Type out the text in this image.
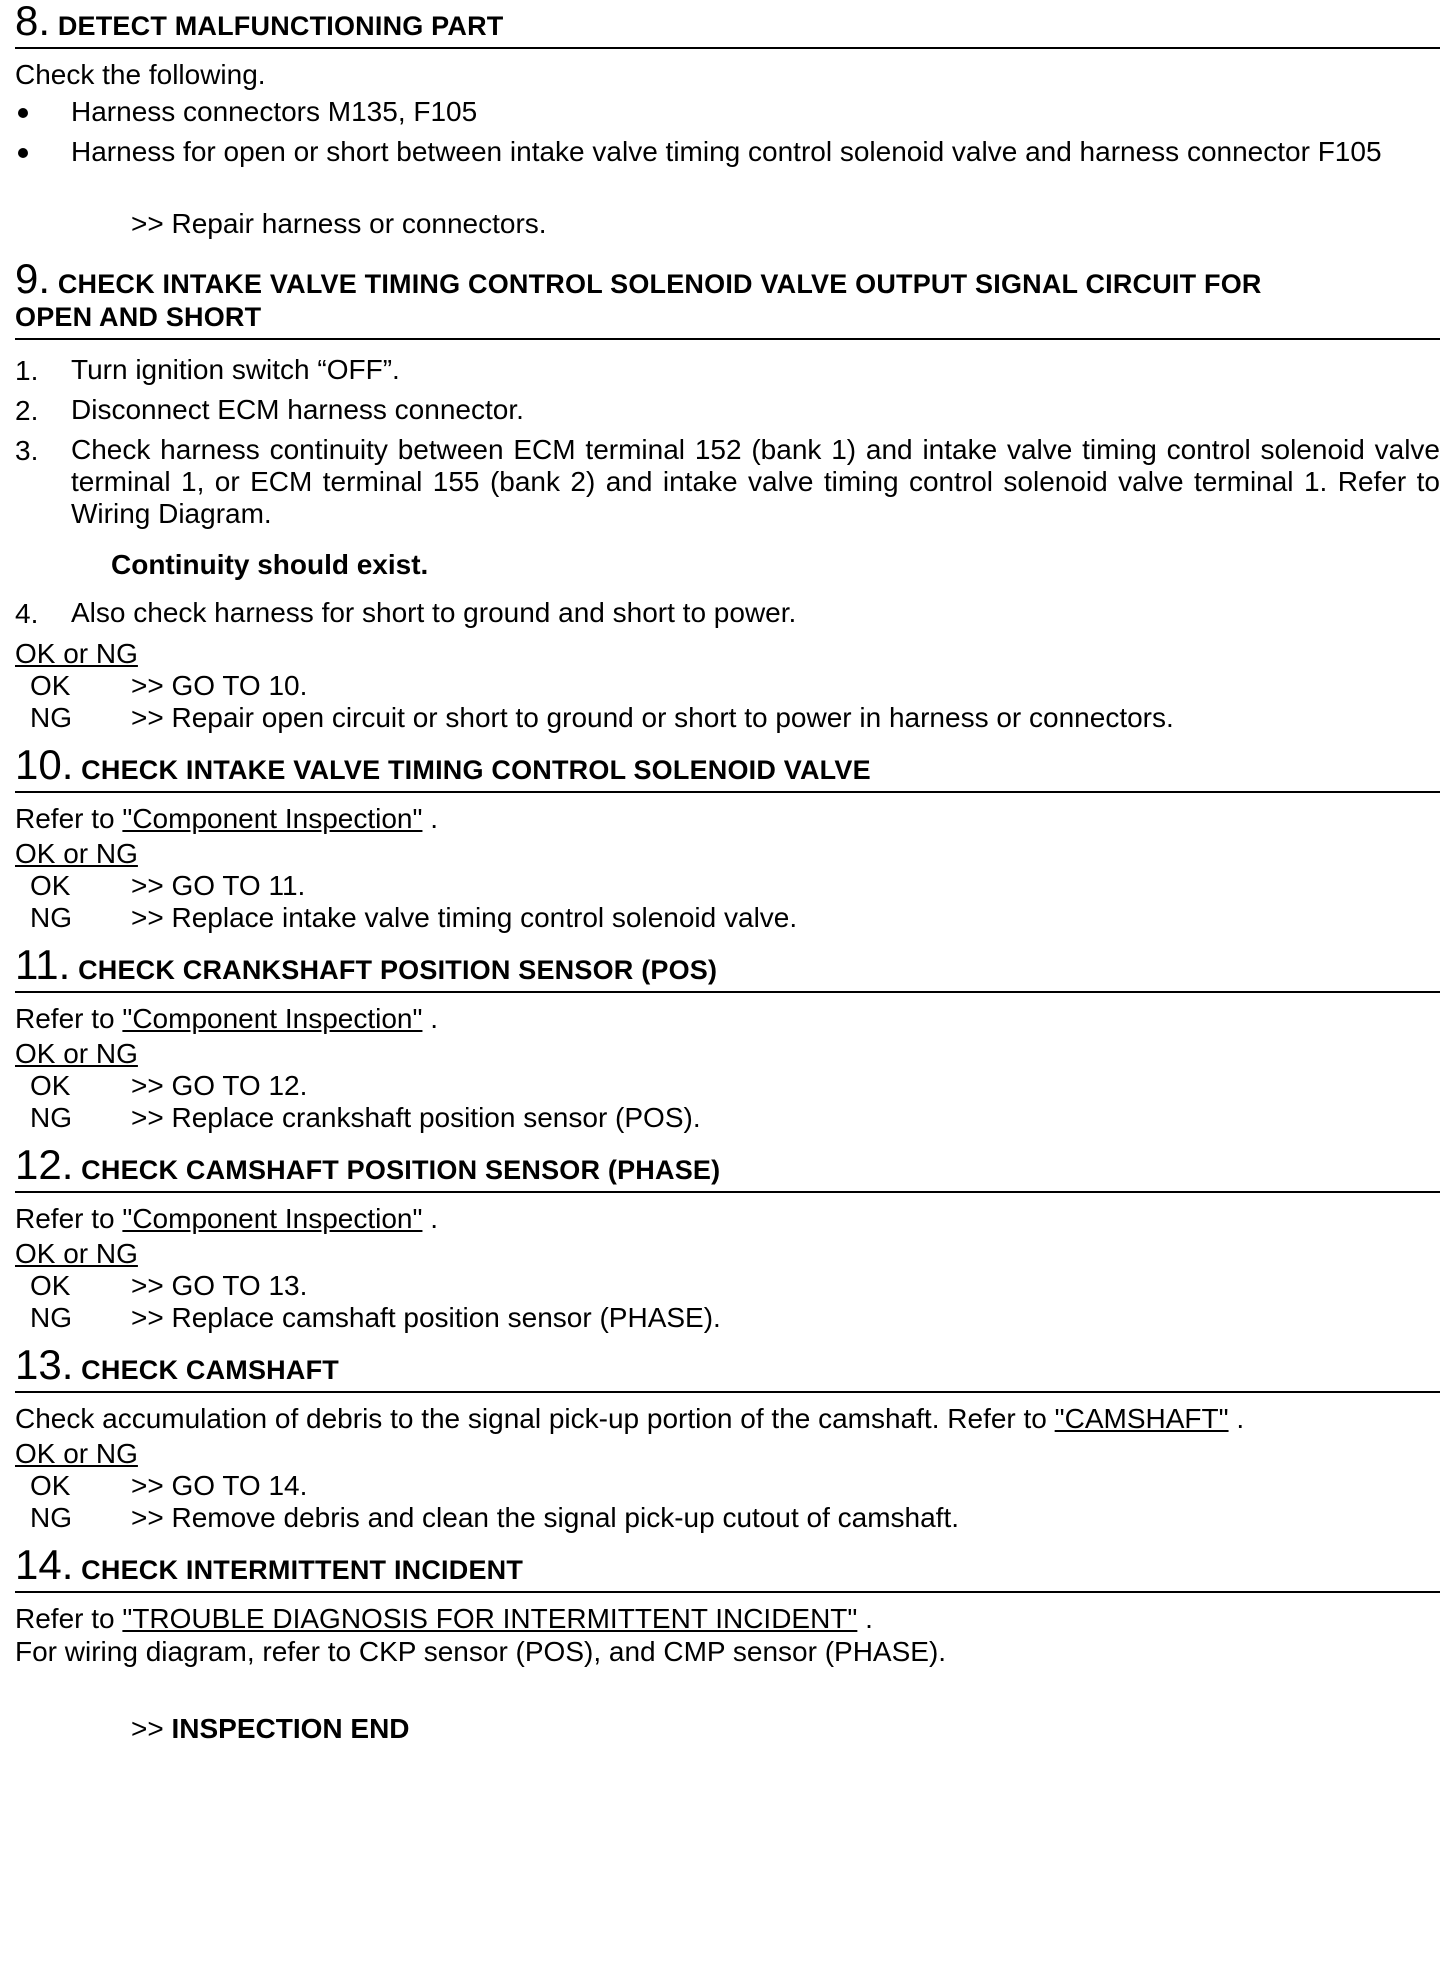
8. DETECT MALFUNCTIONING PART

Check the following.

Harness connectors M135, F105
Harness for open or short between intake valve timing control solenoid valve and harness connector F105

>> Repair harness or connectors.

9. CHECK INTAKE VALVE TIMING CONTROL SOLENOID VALVE OUTPUT SIGNAL CIRCUIT FOR
OPEN AND SHORT
1.	Turn ignition switch “OFF”.
2.	Disconnect ECM harness connector.
3.	Check harness continuity between ECM terminal 152 (bank 1) and intake valve timing control solenoid valve terminal 1, or ECM terminal 155 (bank 2) and intake valve timing control solenoid valve terminal 1. Refer to Wiring Diagram.

Continuity should exist.

4.	Also check harness for short to ground and short to power.

OK or NG

OK	>> GO TO 10.
NG	>> Repair open circuit or short to ground or short to power in harness or connectors.
10. CHECK INTAKE VALVE TIMING CONTROL SOLENOID VALVE

Refer to "Component Inspection" .

OK or NG

OK	>> GO TO 11.
NG	>> Replace intake valve timing control solenoid valve.
11. CHECK CRANKSHAFT POSITION SENSOR (POS)

Refer to "Component Inspection" .

OK or NG

OK	>> GO TO 12.
NG	>> Replace crankshaft position sensor (POS).
12. CHECK CAMSHAFT POSITION SENSOR (PHASE)

Refer to "Component Inspection" .

OK or NG

OK	>> GO TO 13.
NG	>> Replace camshaft position sensor (PHASE).
13. CHECK CAMSHAFT

Check accumulation of debris to the signal pick-up portion of the camshaft. Refer to "CAMSHAFT" .

OK or NG

OK	>> GO TO 14.
NG	>> Remove debris and clean the signal pick-up cutout of camshaft.
14. CHECK INTERMITTENT INCIDENT

Refer to "TROUBLE DIAGNOSIS FOR INTERMITTENT INCIDENT" .

For wiring diagram, refer to CKP sensor (POS), and CMP sensor (PHASE).

>> INSPECTION END
